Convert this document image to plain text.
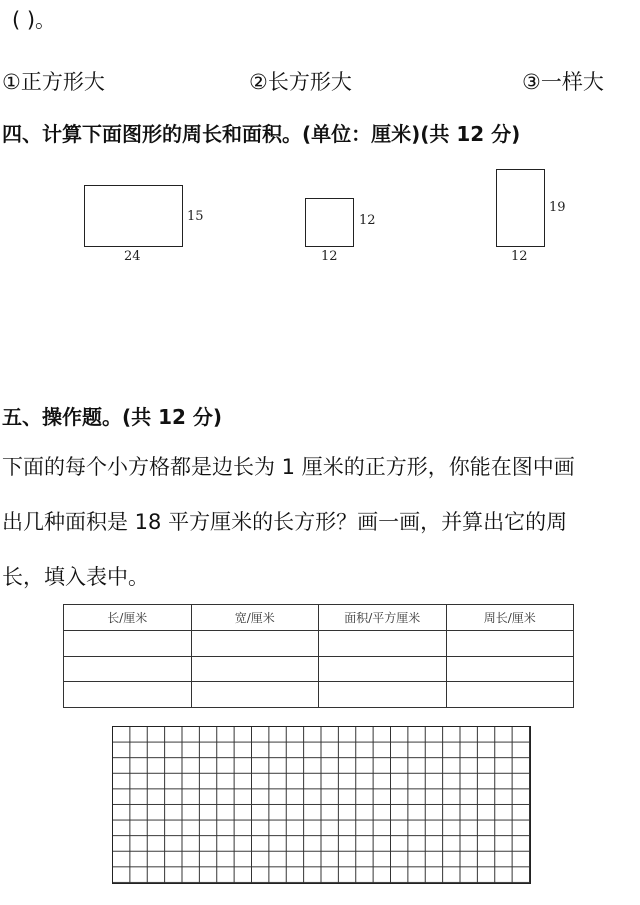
( )。
①正方形大	②长方形大	③一样大
四、计算下面图形的周长和面积。(单位：厘米)(共 12 分)
15
24
12
12
19
12
五、操作题。(共 12 分)
下面的每个小方格都是边长为 1 厘米的正方形，你能在图中画
出几种面积是 18 平方厘米的长方形？画一画，并算出它的周
长，填入表中。
长/厘米	宽/厘米	面积/平方厘米	周长/厘米
